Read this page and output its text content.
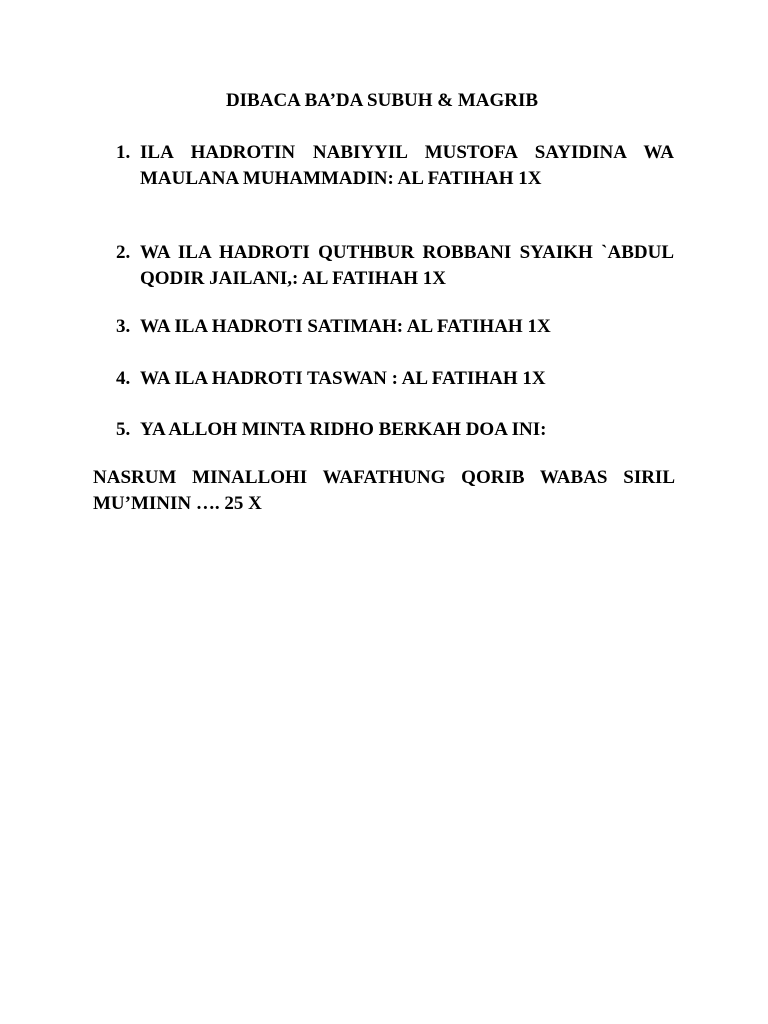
DIBACA BA’DA SUBUH & MAGRIB
1. ILA HADROTIN NABIYYIL MUSTOFA SAYIDINA WA MAULANA MUHAMMADIN: AL FATIHAH 1X
2. WA ILA HADROTI QUTHBUR ROBBANI SYAIKH `ABDUL QODIR JAILANI,: AL FATIHAH 1X
3. WA ILA HADROTI SATIMAH: AL FATIHAH 1X
4. WA ILA HADROTI TASWAN : AL FATIHAH 1X
5. YA ALLOH MINTA RIDHO BERKAH DOA INI:
NASRUM MINALLOHI WAFATHUNG QORIB WABAS SIRIL MU’MININ …. 25 X
